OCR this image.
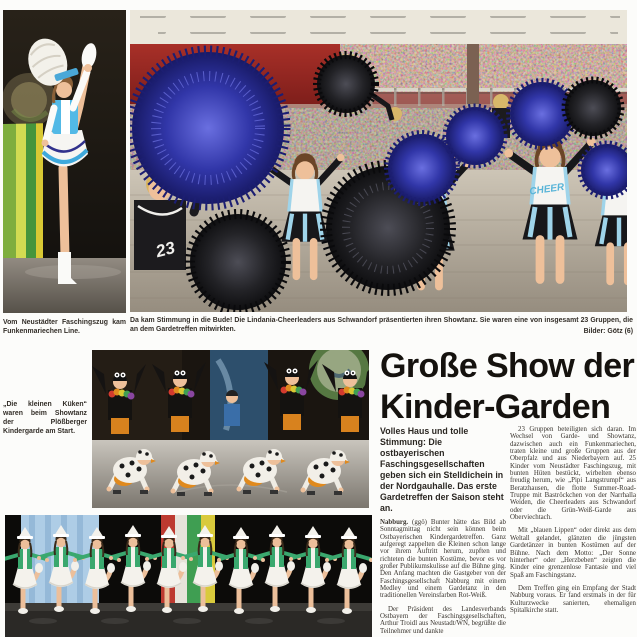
23
CHEER
Vom Neustädter Faschingszug kam Funkenmariechen Line.
Da kam Stimmung in die Bude! Die Lindania-Cheerleaders aus Schwandorf präsentierten ihren Showtanz. Sie waren eine von insgesamt 23 Gruppen, die an dem Gardetreffen mitwirkten.	Bilder: Götz (6)
Große Show der Kinder-Garden
„Die kleinen Küken“ waren beim Showtanz der Plößberger Kindergarde am Start.	Volles Haus und tolle Stimmung: Die ostbayerischen Faschingsgesellschaften geben sich ein Stelldichein in der Nordgauhalle. Das erste Gardetreffen der Saison steht an.

Nabburg. (ggö) Bunter hätte das Bild ab Sonntagmittag nicht sein können beim Ostbayerischen Kindergardetreffen. Ganz aufgeregt zappelten die Kleinen schon lange vor ihrem Auftritt herum, zupften und richteten die bunten Kostüme, bevor es vor großer Publikumskulisse auf die Bühne ging. Den Anfang machten die Gastgeber von der Faschingsgesellschaft Nabburg mit einem Medley und einem Gardetanz in den traditionellen Vereinsfarben Rot-Weiß.

Der Präsident des Landesverbands Ostbayern der Faschingsgesellschaften, Arthur Troidl aus Neustadt/WN, begrüßte die Teilnehmer und dankte

23 Gruppen beteiligten sich daran. Im Wechsel von Garde- und Showtanz, dazwischen auch ein Funkenmariechen, traten kleine und große Gruppen aus der Oberpfalz und aus Niederbayern auf. 25 Kinder vom Neustädter Faschingszug, mit bunten Hüten bestückt, wirbelten ebenso freudig herum, wie „Pipi Langstrumpf“ aus Beratzhausen, die flotte Summer-Road-Truppe mit Baströckchen von der Narrhalla Weiden, die Cheerleaders aus Schwandorf oder die Grün-Weiß-Garde aus Oberviechtach.

Mit „blauen Lippen“ oder direkt aus dem Weltall gelandet, glänzten die jüngsten Gardetänzer in bunten Kostümen auf der Bühne. Nach dem Motto: „Der Sonne hinterher“ oder „Herzbeben“ zeigten die Kinder eine grenzenlose Fantasie und viel Spaß am Faschingstanz.

Dem Treffen ging ein Empfang der Stadt Nabburg voraus. Er fand erstmals in der für Kulturzwecke sanierten, ehemaligen Spitalkirche statt.
